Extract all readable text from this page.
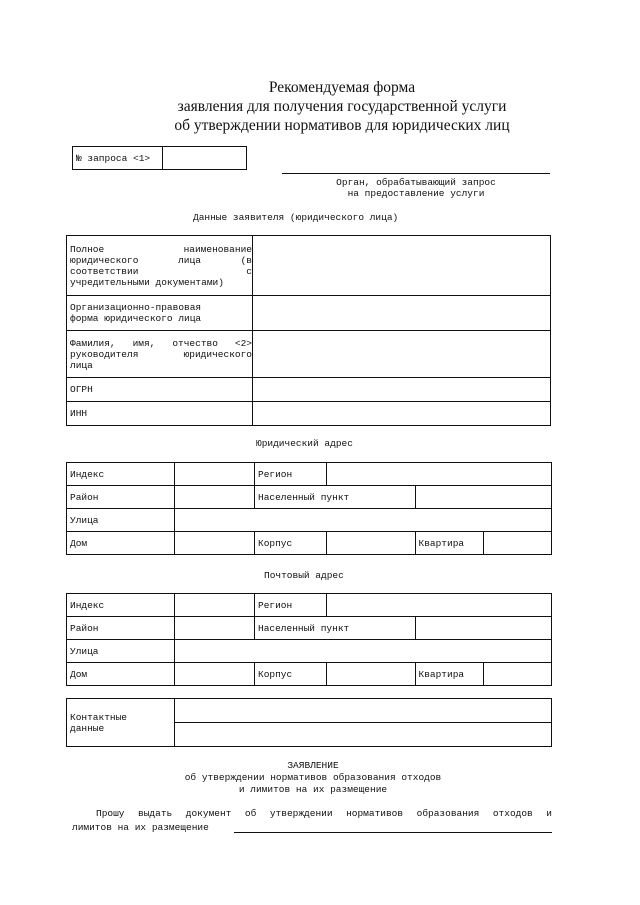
Рекомендуемая форма
заявления для получения государственной услуги
об утверждении нормативов для юридических лиц
№ запроса <1>	
Орган, обрабатывающий запрос
на предоставление услуги
Данные заявителя (юридического лица)
Полное наименование
юридического лица (в
соответствии с
учредительными документами)	

Организационно-правовая
форма юридического лица	
Фамилия, имя, отчество <2>
руководителя юридического
лица	

ОГРН	
ИНН	
Юридический адрес
Индекс		Регион			
Район		Населенный пункт			
Улица					
Дом		Корпус		Квартира	
Почтовый адрес
Индекс		Регион			
Район		Населенный пункт			
Улица					
Дом		Корпус		Квартира	
Контактные
данные	

ЗАЯВЛЕНИЕ
об утверждении нормативов образования отходов
и лимитов на их размещение
Прошу выдать документ об утверждении нормативов образования отходов и
лимитов на их размещение
